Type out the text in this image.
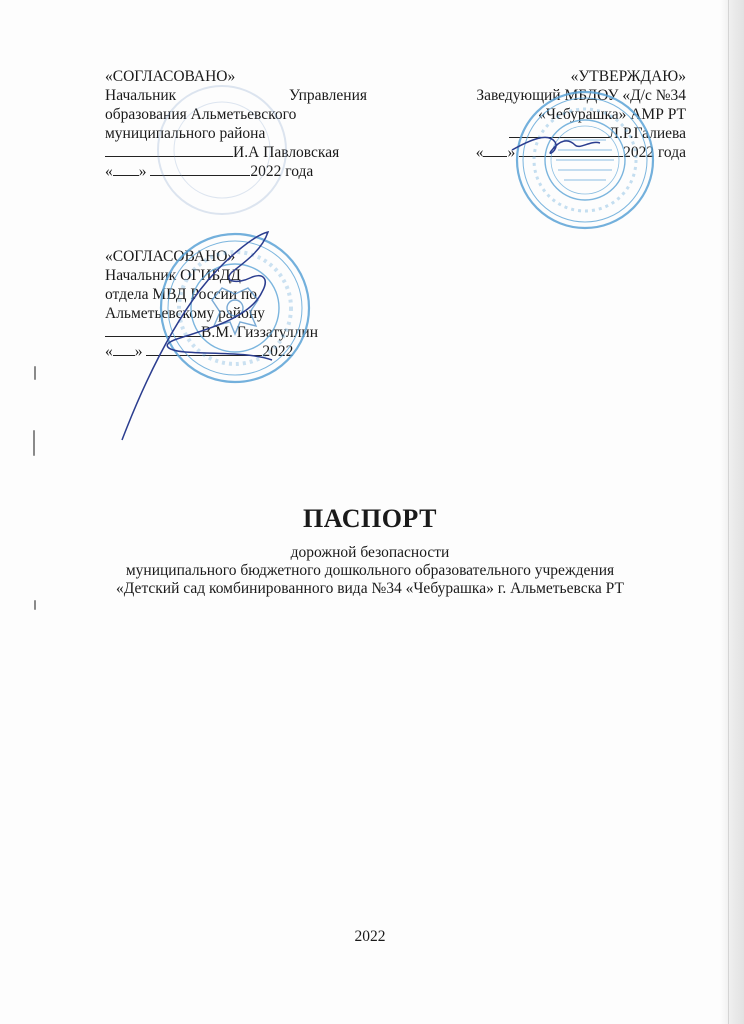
«СОГЛАСОВАНО»
Начальник	Управления
образования Альметьевского
муниципального района
И.А Павловская
« »	2022 года
«УТВЕРЖДАЮ»
Заведующий МБДОУ «Д/с №34
«Чебурашка» АМР РТ
Л.Р.Галиева
« »	2022 года
«СОГЛАСОВАНО»
Начальник ОГИБДД
отдела МВД России по
Альметьевскому району
В.М. Гиззатуллин
« »	2022
ПАСПОРТ
дорожной безопасности
муниципального бюджетного дошкольного образовательного учреждения
«Детский сад комбинированного вида №34 «Чебурашка» г. Альметьевска РТ
2022
